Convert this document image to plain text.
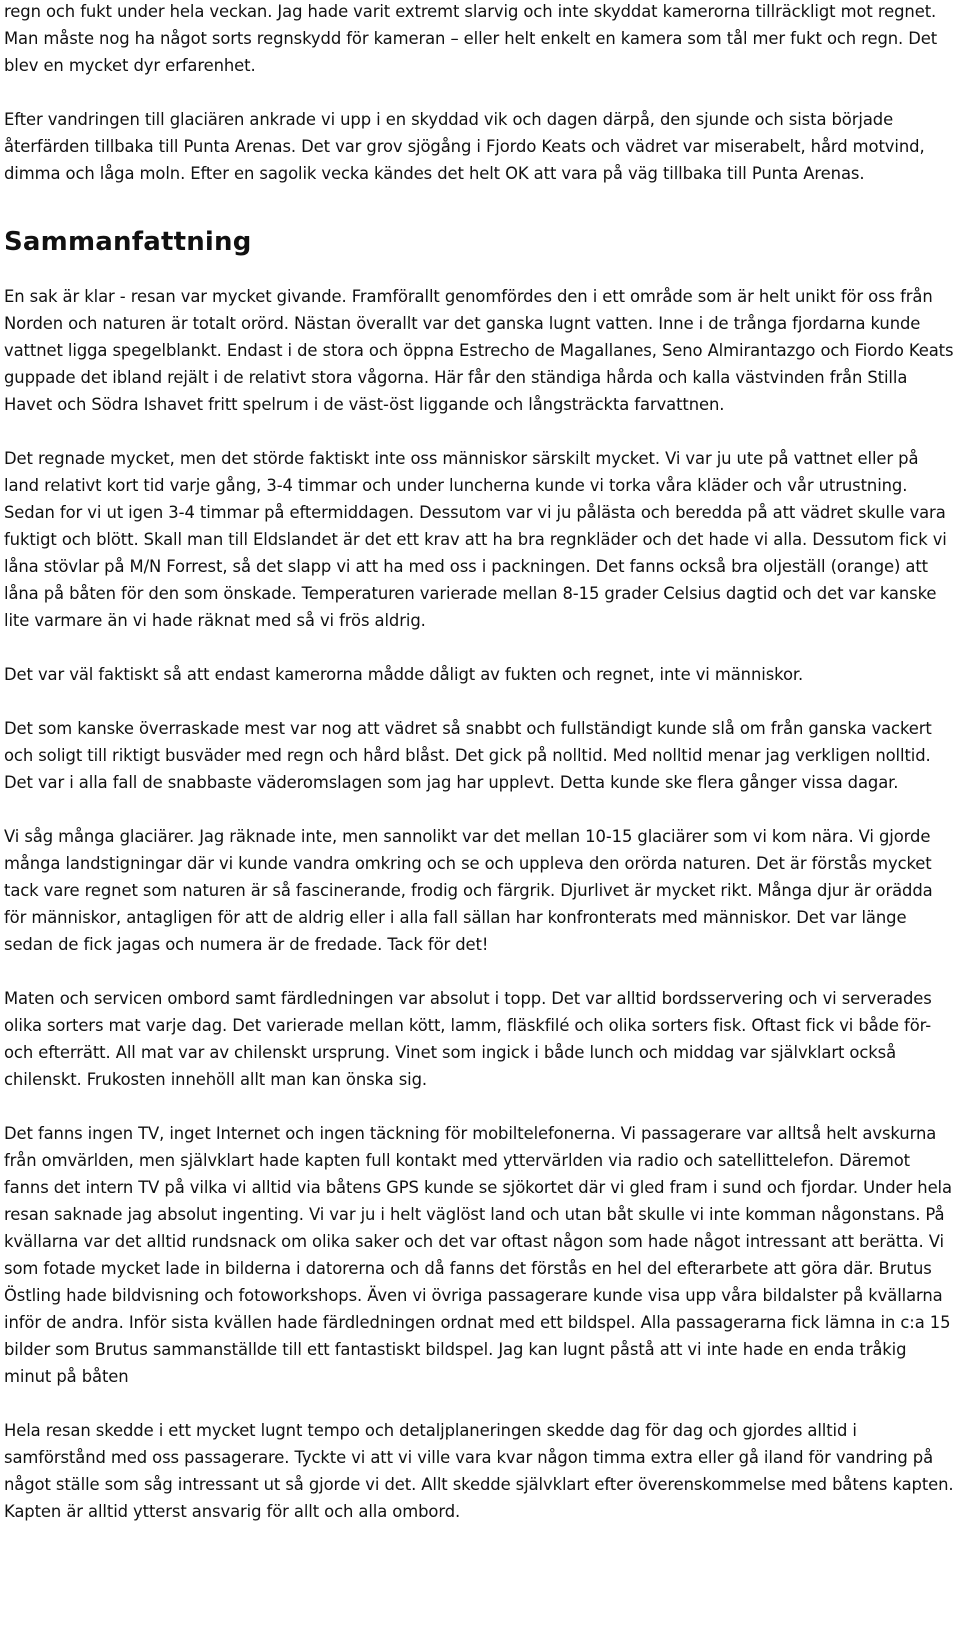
regn och fukt under hela veckan. Jag hade varit extremt slarvig och inte skyddat kamerorna tillräckligt mot regnet. Man måste nog ha något sorts regnskydd för kameran – eller helt enkelt en kamera som tål mer fukt och regn. Det blev en mycket dyr erfarenhet.

Efter vandringen till glaciären ankrade vi upp i en skyddad vik och dagen därpå, den sjunde och sista började återfärden tillbaka till Punta Arenas. Det var grov sjögång i Fjordo Keats och vädret var miserabelt, hård motvind, dimma och låga moln. Efter en sagolik vecka kändes det helt OK att vara på väg tillbaka till Punta Arenas.

Sammanfattning

En sak är klar - resan var mycket givande. Framförallt genomfördes den i ett område som är helt unikt för oss från Norden och naturen är totalt orörd. Nästan överallt var det ganska lugnt vatten. Inne i de trånga fjordarna kunde vattnet ligga spegelblankt. Endast i de stora och öppna Estrecho de Magallanes, Seno Almirantazgo och Fiordo Keats guppade det ibland rejält i de relativt stora vågorna. Här får den ständiga hårda och kalla västvinden från Stilla Havet och Södra Ishavet fritt spelrum i de väst-öst liggande och långsträckta farvattnen.

Det regnade mycket, men det störde faktiskt inte oss människor särskilt mycket. Vi var ju ute på vattnet eller på land relativt kort tid varje gång, 3-4 timmar och under luncherna kunde vi torka våra kläder och vår utrustning. Sedan for vi ut igen 3-4 timmar på eftermiddagen. Dessutom var vi ju pålästa och beredda på att vädret skulle vara fuktigt och blött. Skall man till Eldslandet är det ett krav att ha bra regnkläder och det hade vi alla. Dessutom fick vi låna stövlar på M/N Forrest, så det slapp vi att ha med oss i packningen. Det fanns också bra oljeställ (orange) att låna på båten för den som önskade. Temperaturen varierade mellan 8-15 grader Celsius dagtid och det var kanske lite varmare än vi hade räknat med så vi frös aldrig.

Det var väl faktiskt så att endast kamerorna mådde dåligt av fukten och regnet, inte vi människor.

Det som kanske överraskade mest var nog att vädret så snabbt och fullständigt kunde slå om från ganska vackert och soligt till riktigt busväder med regn och hård blåst. Det gick på nolltid. Med nolltid menar jag verkligen nolltid. Det var i alla fall de snabbaste väderomslagen som jag har upplevt. Detta kunde ske flera gånger vissa dagar.

Vi såg många glaciärer. Jag räknade inte, men sannolikt var det mellan 10-15 glaciärer som vi kom nära. Vi gjorde många landstigningar där vi kunde vandra omkring och se och uppleva den orörda naturen. Det är förstås mycket tack vare regnet som naturen är så fascinerande, frodig och färgrik. Djurlivet är mycket rikt. Många djur är orädda för människor, antagligen för att de aldrig eller i alla fall sällan har konfronterats med människor. Det var länge sedan de fick jagas och numera är de fredade. Tack för det!

Maten och servicen ombord samt färdledningen var absolut i topp. Det var alltid bordsservering och vi serverades olika sorters mat varje dag. Det varierade mellan kött, lamm, fläskfilé och olika sorters fisk. Oftast fick vi både för- och efterrätt. All mat var av chilenskt ursprung. Vinet som ingick i både lunch och middag var självklart också chilenskt. Frukosten innehöll allt man kan önska sig.

Det fanns ingen TV, inget Internet och ingen täckning för mobiltelefonerna. Vi passagerare var alltså helt avskurna från omvärlden, men självklart hade kapten full kontakt med yttervärlden via radio och satellittelefon. Däremot fanns det intern TV på vilka vi alltid via båtens GPS kunde se sjökortet där vi gled fram i sund och fjordar. Under hela resan saknade jag absolut ingenting. Vi var ju i helt väglöst land och utan båt skulle vi inte komman någonstans. På kvällarna var det alltid rundsnack om olika saker och det var oftast någon som hade något intressant att berätta. Vi som fotade mycket lade in bilderna i datorerna och då fanns det förstås en hel del efterarbete att göra där. Brutus Östling hade bildvisning och fotoworkshops. Även vi övriga passagerare kunde visa upp våra bildalster på kvällarna inför de andra. Inför sista kvällen hade färdledningen ordnat med ett bildspel. Alla passagerarna fick lämna in c:a 15 bilder som Brutus sammanställde till ett fantastiskt bildspel. Jag kan lugnt påstå att vi inte hade en enda tråkig minut på båten

Hela resan skedde i ett mycket lugnt tempo och detaljplaneringen skedde dag för dag och gjordes alltid i samförstånd med oss passagerare. Tyckte vi att vi ville vara kvar någon timma extra eller gå iland för vandring på något ställe som såg intressant ut så gjorde vi det. Allt skedde självklart efter överenskommelse med båtens kapten. Kapten är alltid ytterst ansvarig för allt och alla ombord.
